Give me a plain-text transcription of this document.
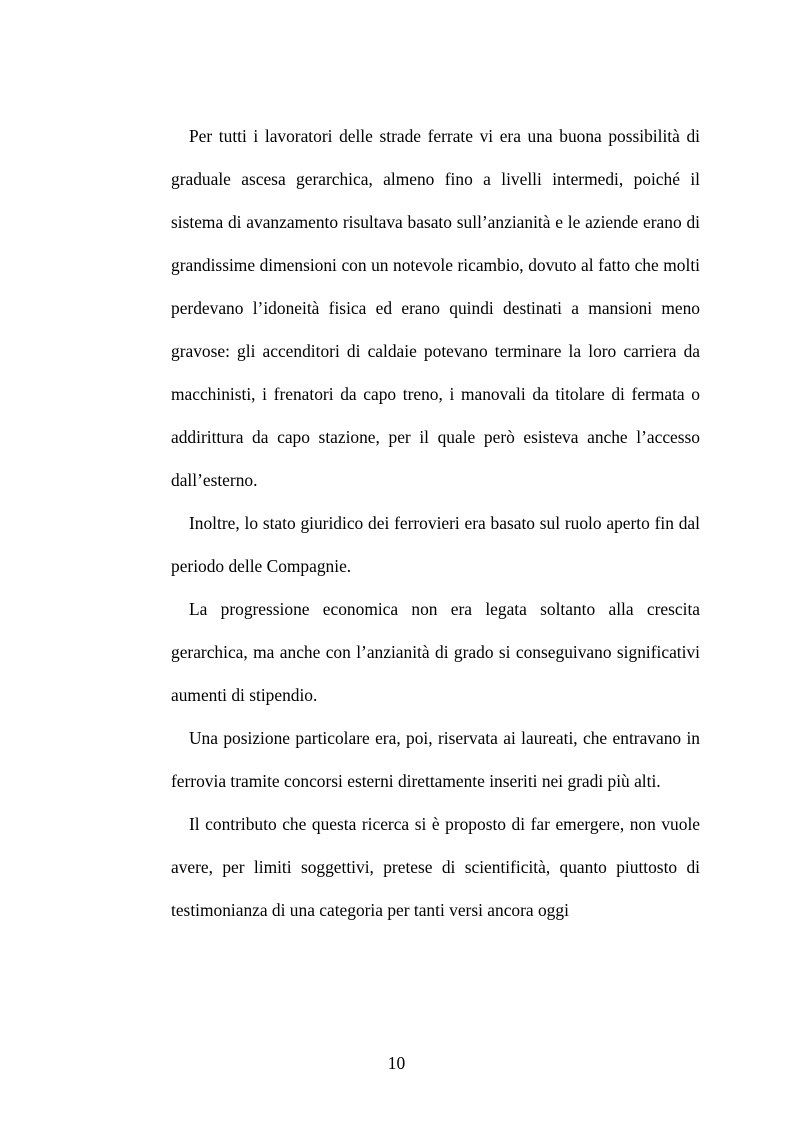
Per tutti i lavoratori delle strade ferrate vi era una buona possibilità di graduale ascesa gerarchica, almeno fino a livelli intermedi, poiché il sistema di avanzamento risultava basato sull’anzianità e le aziende erano di grandissime dimensioni con un notevole ricambio, dovuto al fatto che molti perdevano l’idoneità fisica ed erano quindi destinati a mansioni meno gravose: gli accenditori di caldaie potevano terminare la loro carriera da macchinisti, i frenatori da capo treno, i manovali da titolare di fermata o addirittura da capo stazione, per il quale però esisteva anche l’accesso dall’esterno.

Inoltre, lo stato giuridico dei ferrovieri era basato sul ruolo aperto fin dal periodo delle Compagnie.

La progressione economica non era legata soltanto alla crescita gerarchica, ma anche con l’anzianità di grado si conseguivano significativi aumenti di stipendio.

Una posizione particolare era, poi, riservata ai laureati, che entravano in ferrovia tramite concorsi esterni direttamente inseriti nei gradi più alti.

Il contributo che questa ricerca si è proposto di far emergere, non vuole avere, per limiti soggettivi, pretese di scientificità, quanto piuttosto di testimonianza di una categoria per tanti versi ancora oggi

10
